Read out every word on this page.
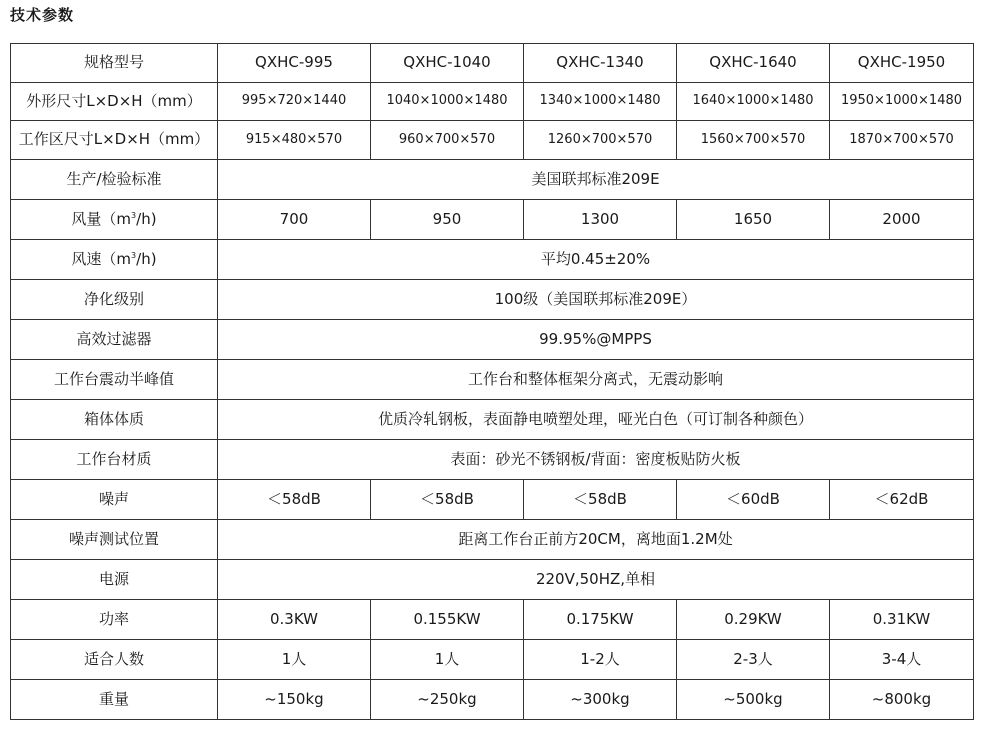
技术参数
规格型号	QXHC-995	QXHC-1040	QXHC-1340	QXHC-1640	QXHC-1950
外形尺寸L×D×H（mm）	995×720×1440	1040×1000×1480	1340×1000×1480	1640×1000×1480	1950×1000×1480
工作区尺寸L×D×H（mm）	915×480×570	960×700×570	1260×700×570	1560×700×570	1870×700×570
生产/检验标准	美国联邦标准209E				
风量$(m^3/h)$	700	950	1300	1650	2000
风速$(m^3/h)$	平均0.45±20%				
净化级别	100级（美国联邦标准209E）				
高效过滤器	99.95%@MPPS				
工作台震动半峰值	工作台和整体框架分离式，无震动影响				
箱体体质	优质冷轧钢板，表面静电喷塑处理，哑光白色（可订制各种颜色）				
工作台材质	表面：砂光不锈钢板/背面：密度板贴防火板				
噪声	＜58dB	＜58dB	＜58dB	＜60dB	＜62dB
噪声测试位置	距离工作台正前方20CM，离地面1.2M处				
电源	220V,50HZ,单相				
功率	0.3KW	0.155KW	0.175KW	0.29KW	0.31KW
适合人数	1人	1人	1-2人	2-3人	3-4人
重量	~150kg	~250kg	~300kg	~500kg	~800kg
